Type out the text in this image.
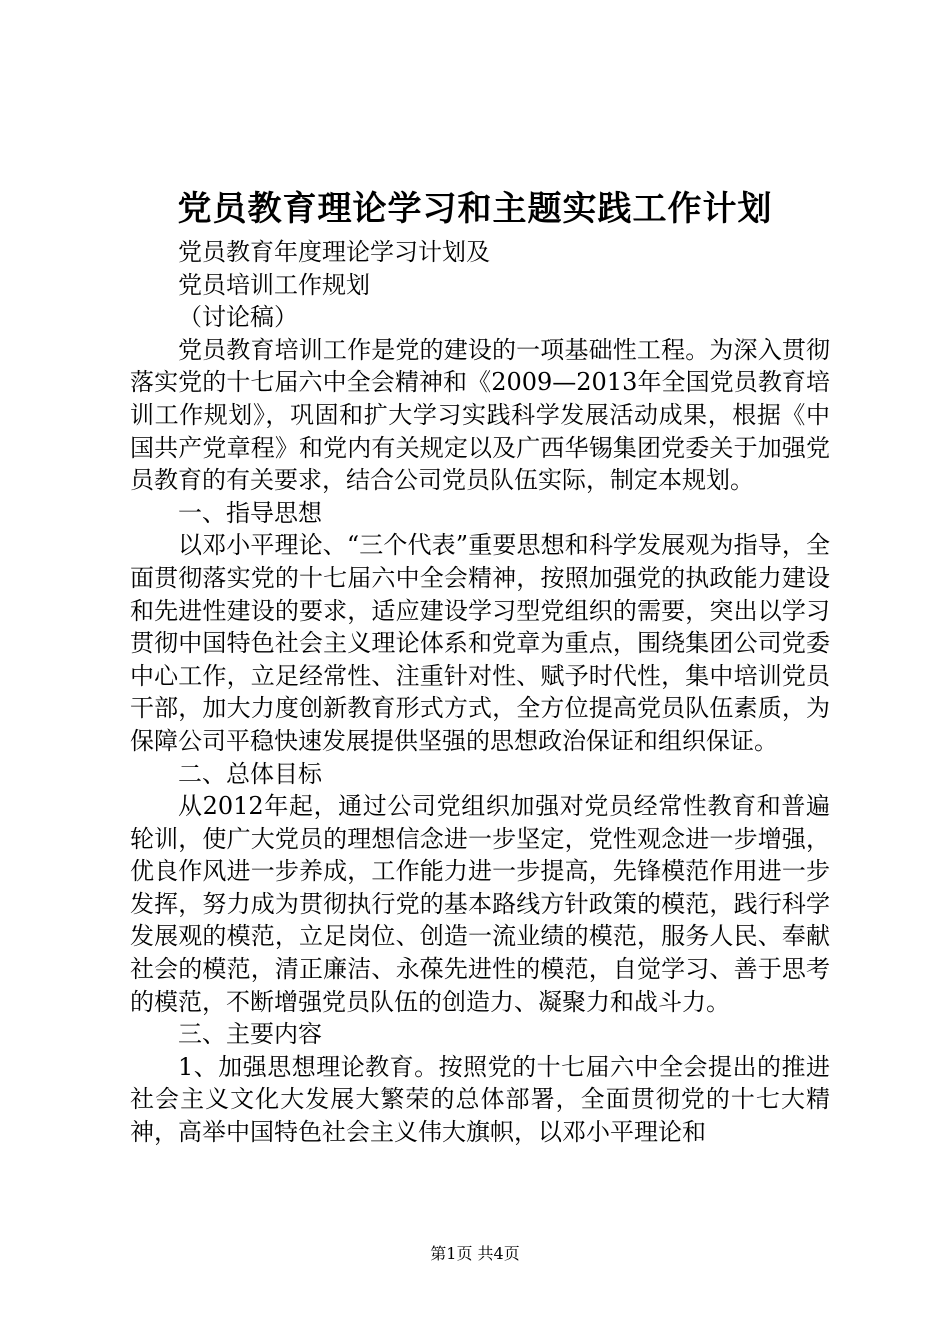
党员教育理论学习和主题实践工作计划

党员教育年度理论学习计划及

党员培训工作规划

（讨论稿）

党员教育培训工作是党的建设的一项基础性工程。为深入贯彻落实党的十七届六中全会精神和《2009—2013年全国党员教育培训工作规划》，巩固和扩大学习实践科学发展活动成果，根据《中国共产党章程》和党内有关规定以及广西华锡集团党委关于加强党员教育的有关要求，结合公司党员队伍实际，制定本规划。

一、指导思想

以邓小平理论、“三个代表”重要思想和科学发展观为指导，全面贯彻落实党的十七届六中全会精神，按照加强党的执政能力建设和先进性建设的要求，适应建设学习型党组织的需要，突出以学习贯彻中国特色社会主义理论体系和党章为重点，围绕集团公司党委中心工作，立足经常性、注重针对性、赋予时代性，集中培训党员干部，加大力度创新教育形式方式，全方位提高党员队伍素质，为保障公司平稳快速发展提供坚强的思想政治保证和组织保证。

二、总体目标

从2012年起，通过公司党组织加强对党员经常性教育和普遍轮训，使广大党员的理想信念进一步坚定，党性观念进一步增强，优良作风进一步养成，工作能力进一步提高，先锋模范作用进一步发挥，努力成为贯彻执行党的基本路线方针政策的模范，践行科学发展观的模范，立足岗位、创造一流业绩的模范，服务人民、奉献社会的模范，清正廉洁、永葆先进性的模范，自觉学习、善于思考的模范，不断增强党员队伍的创造力、凝聚力和战斗力。

三、主要内容

1、加强思想理论教育。按照党的十七届六中全会提出的推进社会主义文化大发展大繁荣的总体部署，全面贯彻党的十七大精神，高举中国特色社会主义伟大旗帜，以邓小平理论和

第1页 共4页
